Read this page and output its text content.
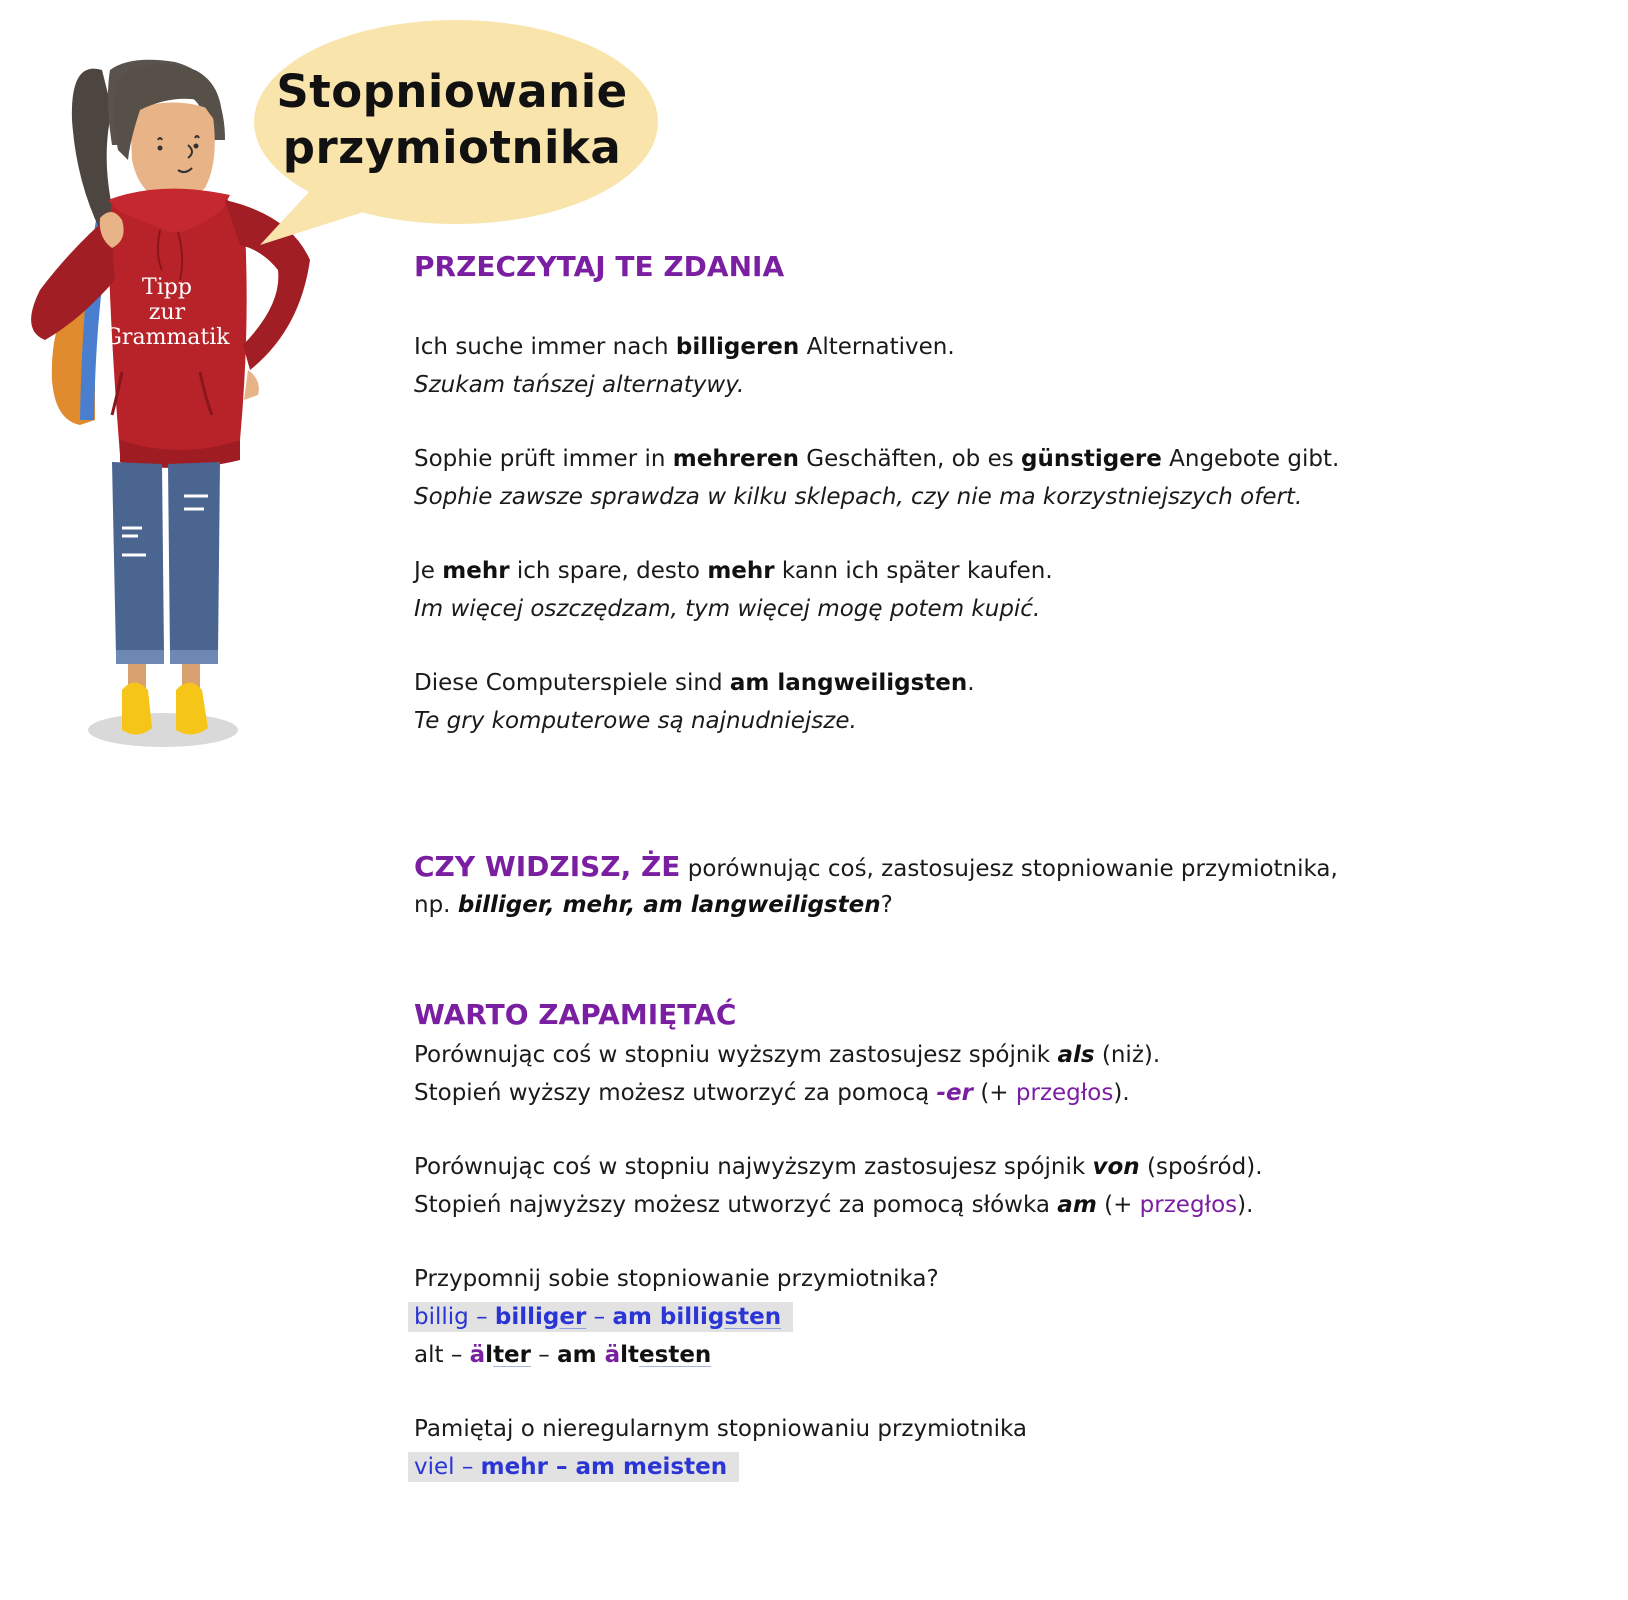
Tipp
zur
Grammatik
Stopniowanie
przymiotnika
PRZECZYTAJ TE ZDANIA
Ich suche immer nach billigeren Alternativen.
Szukam tańszej alternatywy.
Sophie prüft immer in mehreren Geschäften, ob es günstigere Angebote gibt.
Sophie zawsze sprawdza w kilku sklepach, czy nie ma korzystniejszych ofert.
Je mehr ich spare, desto mehr kann ich später kaufen.
Im więcej oszczędzam, tym więcej mogę potem kupić.
Diese Computerspiele sind am langweiligsten.
Te gry komputerowe są najnudniejsze.
CZY WIDZISZ, ŻE porównując coś, zastosujesz stopniowanie przymiotnika,
np. billiger, mehr, am langweiligsten?
WARTO ZAPAMIĘTAĆ
Porównując coś w stopniu wyższym zastosujesz spójnik als (niż).
Stopień wyższy możesz utworzyć za pomocą -er (+ przegłos).
Porównując coś w stopniu najwyższym zastosujesz spójnik von (spośród).
Stopień najwyższy możesz utworzyć za pomocą słówka am (+ przegłos).
Przypomnij sobie stopniowanie przymiotnika?
billig – billiger – am billigsten
alt – älter – am ältesten
Pamiętaj o nieregularnym stopniowaniu przymiotnika
viel – mehr – am meisten
